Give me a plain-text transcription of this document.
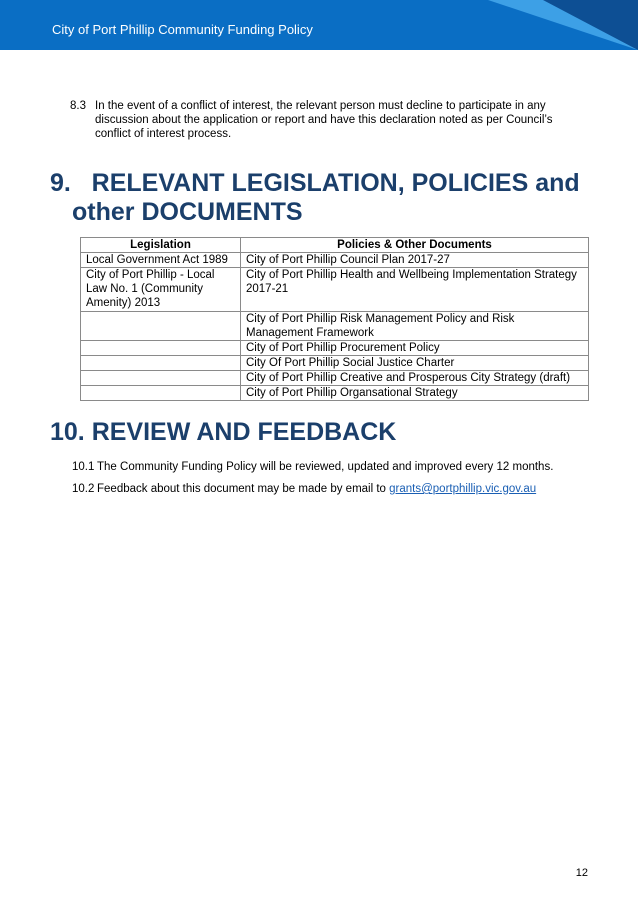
City of Port Phillip Community Funding Policy
8.3 In the event of a conflict of interest, the relevant person must decline to participate in any
discussion about the application or report and have this declaration noted as per Council’s
conflict of interest process.
9.   RELEVANT LEGISLATION, POLICIES and
other DOCUMENTS
Legislation	Policies & Other Documents
Local Government Act 1989	City of Port Phillip Council Plan 2017-27
City of Port Phillip - Local Law No. 1 (Community Amenity) 2013	City of Port Phillip Health and Wellbeing Implementation Strategy 2017-21
	City of Port Phillip Risk Management Policy and Risk Management Framework
	City of Port Phillip Procurement Policy
	City Of Port Phillip Social Justice Charter
	City of Port Phillip Creative and Prosperous City Strategy (draft)
	City of Port Phillip Organsational Strategy
10. REVIEW AND FEEDBACK
10.1 The Community Funding Policy will be reviewed, updated and improved every 12 months.
10.2 Feedback about this document may be made by email to grants@portphillip.vic.gov.au
12
